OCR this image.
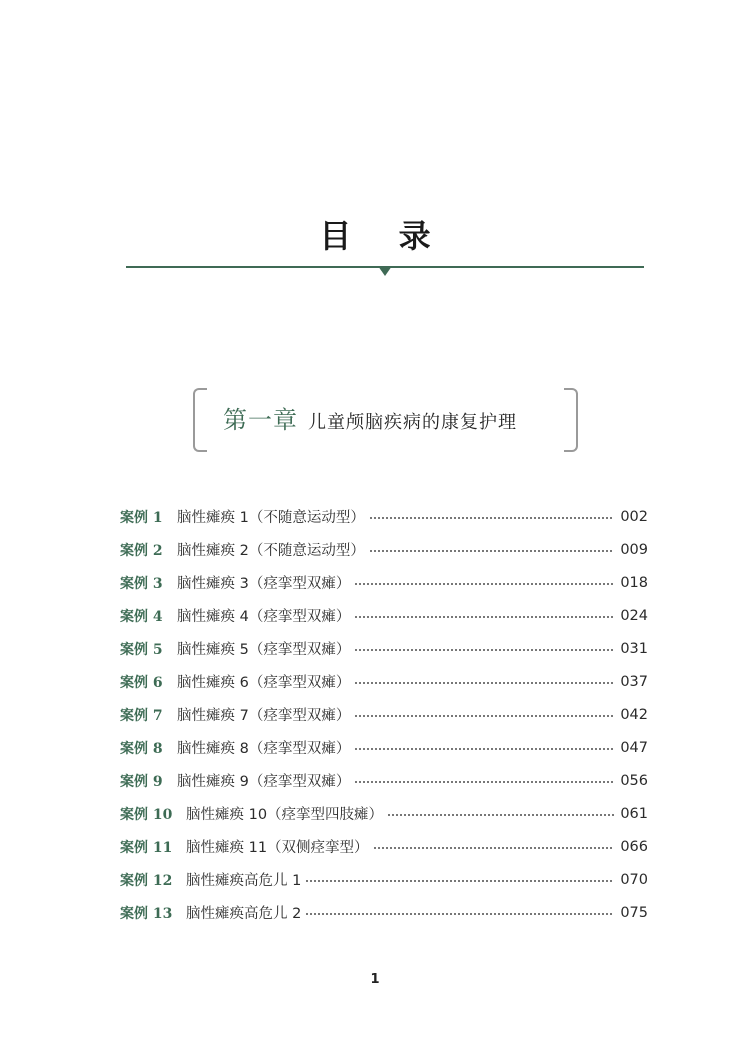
目 录
第一章 儿童颅脑疾病的康复护理
案例 1 脑性瘫痪 1（不随意运动型）	002
案例 2 脑性瘫痪 2（不随意运动型）	009
案例 3 脑性瘫痪 3（痉挛型双瘫）	018
案例 4 脑性瘫痪 4（痉挛型双瘫）	024
案例 5 脑性瘫痪 5（痉挛型双瘫）	031
案例 6 脑性瘫痪 6（痉挛型双瘫）	037
案例 7 脑性瘫痪 7（痉挛型双瘫）	042
案例 8 脑性瘫痪 8（痉挛型双瘫）	047
案例 9 脑性瘫痪 9（痉挛型双瘫）	056
案例 10 脑性瘫痪 10（痉挛型四肢瘫）	061
案例 11 脑性瘫痪 11（双侧痉挛型）	066
案例 12 脑性瘫痪高危儿 1	070
案例 13 脑性瘫痪高危儿 2	075
1
